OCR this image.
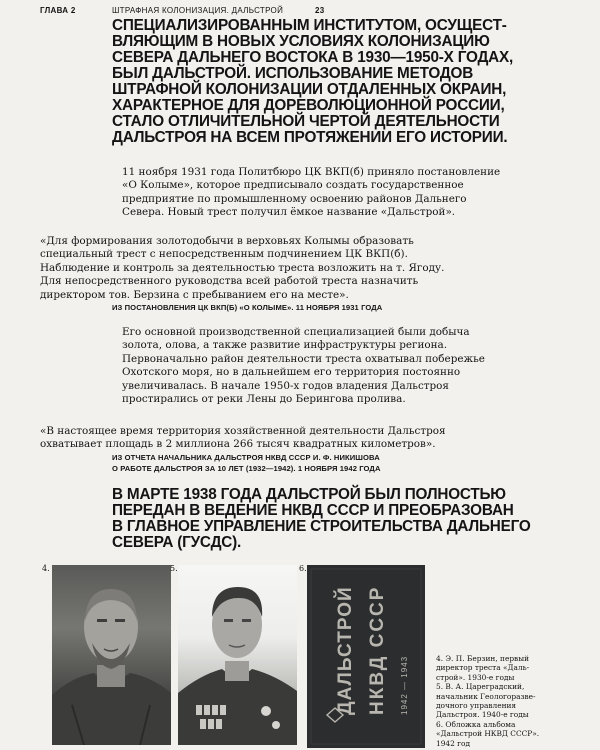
ГЛАВА 2	ШТРАФНАЯ КОЛОНИЗАЦИЯ. ДАЛЬСТРОЙ	23
СПЕЦИАЛИЗИРОВАННЫМ ИНСТИТУТОМ, ОСУЩЕСТ-
ВЛЯЮЩИМ В НОВЫХ УСЛОВИЯХ КОЛОНИЗАЦИЮ
СЕВЕРА ДАЛЬНЕГО ВОСТОКА В 1930—1950-Х ГОДАХ,
БЫЛ ДАЛЬСТРОЙ. ИСПОЛЬЗОВАНИЕ МЕТОДОВ
ШТРАФНОЙ КОЛОНИЗАЦИИ ОТДАЛЕННЫХ ОКРАИН,
ХАРАКТЕРНОЕ ДЛЯ ДОРЕВОЛЮЦИОННОЙ РОССИИ,
СТАЛО ОТЛИЧИТЕЛЬНОЙ ЧЕРТОЙ ДЕЯТЕЛЬНОСТИ
ДАЛЬСТРОЯ НА ВСЕМ ПРОТЯЖЕНИИ ЕГО ИСТОРИИ.
11 ноября 1931 года Политбюро ЦК ВКП(б) приняло постановление
«О Колыме», которое предписывало создать государственное
предприятие по промышленному освоению районов Дальнего
Севера. Новый трест получил ёмкое название «Дальстрой».
«Для формирования золотодобычи в верховьях Колымы образовать
специальный трест с непосредственным подчинением ЦК ВКП(б).
Наблюдение и контроль за деятельностью треста возложить на т. Ягоду.
Для непосредственного руководства всей работой треста назначить
директором тов. Берзина с пребыванием его на месте».
ИЗ ПОСТАНОВЛЕНИЯ ЦК ВКП(Б) «О КОЛЫМЕ». 11 НОЯБРЯ 1931 ГОДА
Его основной производственной специализацией были добыча
золота, олова, а также развитие инфраструктуры региона.
Первоначально район деятельности треста охватывал побережье
Охотского моря, но в дальнейшем его территория постоянно
увеличивалась. В начале 1950-х годов владения Дальстроя
простирались от реки Лены до Берингова пролива.
«В настоящее время территория хозяйственной деятельности Дальстроя
охватывает площадь в 2 миллиона 266 тысяч квадратных километров».
ИЗ ОТЧЕТА НАЧАЛЬНИКА ДАЛЬСТРОЯ НКВД СССР И. Ф. НИКИШОВА
О РАБОТЕ ДАЛЬСТРОЯ ЗА 10 ЛЕТ (1932—1942). 1 НОЯБРЯ 1942 ГОДА
В МАРТЕ 1938 ГОДА ДАЛЬСТРОЙ БЫЛ ПОЛНОСТЬЮ
ПЕРЕДАН В ВЕДЕНИЕ НКВД СССР И ПРЕОБРАЗОВАН
В ГЛАВНОЕ УПРАВЛЕНИЕ СТРОИТЕЛЬСТВА ДАЛЬНЕГО
СЕВЕРА (ГУСДС).
4.	5.	6.
ДАЛЬСТРОЙ НКВД СССР 1942 — 1943	4. Э. П. Берзин, первый
директор треста «Даль-
строй». 1930-е годы
5. В. А. Цaрегрaдский,
начальник Геологоразве-
дочного управления
Дальстроя. 1940-е годы
6. Обложка альбома
«Дальстрой НКВД СССР».
1942 год
